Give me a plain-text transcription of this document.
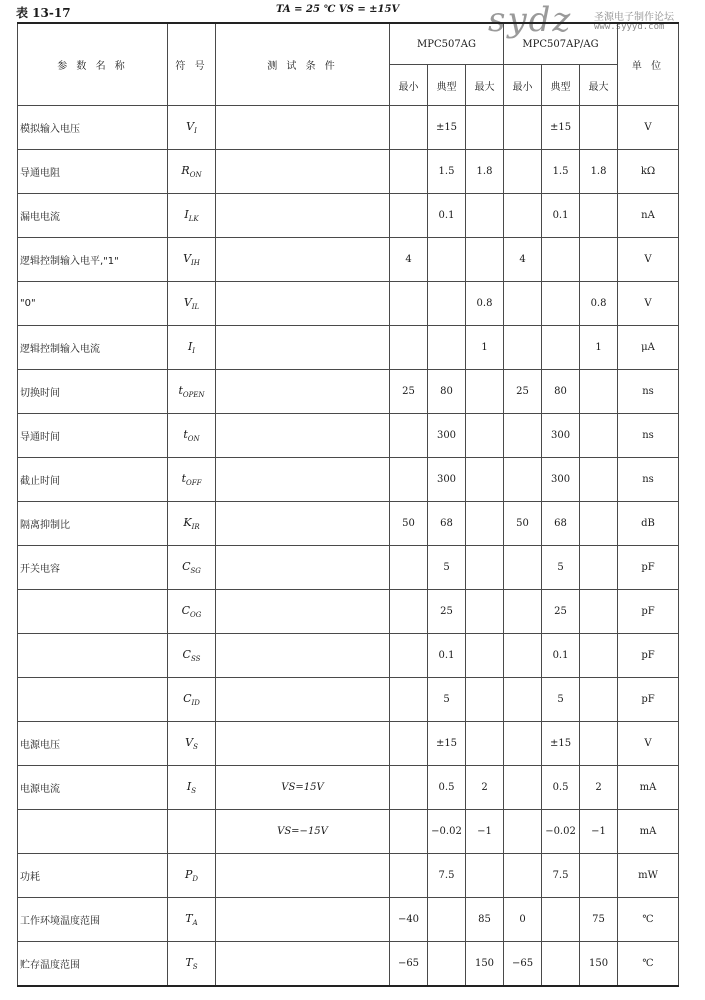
表 13-17	TA = 25 ℃ VS = ±15V	sydz 圣源电子制作论坛
www.syyyd.com
参 数 名 称	符 号	测 试 条 件	MPC507AG			MPC507AP/AG			单 位
			最小	典型	最大	最小	典型	最大	
模拟输入电压	$V_I$			±15			±15		V
导通电阻	$R_{ON}$			1.5	1.8		1.5	1.8	kΩ
漏电电流	$I_{LK}$			0.1			0.1		nA
逻辑控制输入电平,"1"	$V_{IH}$		4			4			V
"0"	$V_{IL}$				0.8			0.8	V
逻辑控制输入电流	$I_I$				1			1	μA
切换时间	$t_{OPEN}$		25	80		25	80		ns
导通时间	$t_{ON}$			300			300		ns
截止时间	$t_{OFF}$			300			300		ns
隔离抑制比	$K_{IR}$		50	68		50	68		dB
开关电容	$C_{SG}$			5			5		pF
	$C_{OG}$			25			25		pF
	$C_{SS}$			0.1			0.1		pF
	$C_{ID}$			5			5		pF
电源电压	$V_S$			±15			±15		V
电源电流	$I_S$	VS=15V		0.5	2		0.5	2	mA
		VS=−15V		−0.02	−1		−0.02	−1	mA
功耗	$P_D$			7.5			7.5		mW
工作环境温度范围	$T_A$		−40		85	0		75	℃
贮存温度范围	$T_S$		−65		150	−65		150	℃
